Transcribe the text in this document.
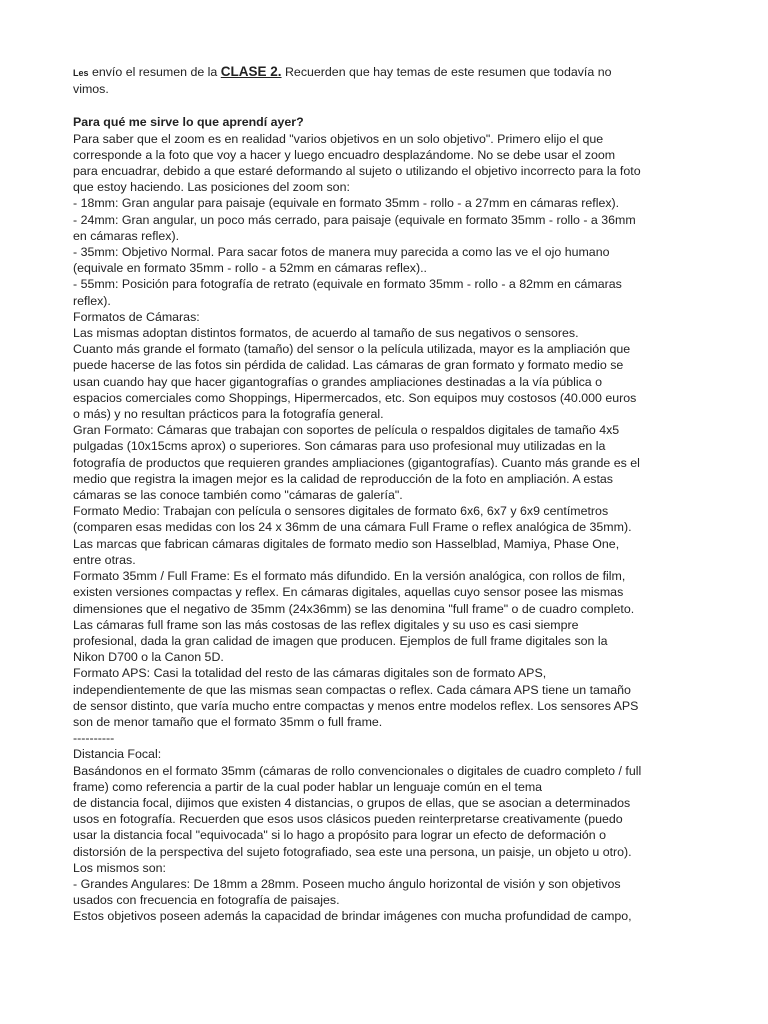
Les envío el resumen de la CLASE 2. Recuerden que hay temas de este resumen que todavía no
vimos.

Para qué me sirve lo que aprendí ayer?

Para saber que el zoom es en realidad "varios objetivos en un solo objetivo". Primero elijo el que
corresponde a la foto que voy a hacer y luego encuadro desplazándome. No se debe usar el zoom
para encuadrar, debido a que estaré deformando al sujeto o utilizando el objetivo incorrecto para la foto
que estoy haciendo. Las posiciones del zoom son:

- 18mm: Gran angular para paisaje (equivale en formato 35mm - rollo - a 27mm en cámaras reflex).

- 24mm: Gran angular, un poco más cerrado, para paisaje (equivale en formato 35mm - rollo - a 36mm
en cámaras reflex).

- 35mm: Objetivo Normal. Para sacar fotos de manera muy parecida a como las ve el ojo humano
(equivale en formato 35mm - rollo - a 52mm en cámaras reflex)..

- 55mm: Posición para fotografía de retrato (equivale en formato 35mm - rollo - a 82mm en cámaras
reflex).

Formatos de Cámaras:

Las mismas adoptan distintos formatos, de acuerdo al tamaño de sus negativos o sensores.

Cuanto más grande el formato (tamaño) del sensor o la película utilizada, mayor es la ampliación que
puede hacerse de las fotos sin pérdida de calidad. Las cámaras de gran formato y formato medio se
usan cuando hay que hacer gigantografías o grandes ampliaciones destinadas a la vía pública o
espacios comerciales como Shoppings, Hipermercados, etc. Son equipos muy costosos (40.000 euros
o más) y no resultan prácticos para la fotografía general.

Gran Formato: Cámaras que trabajan con soportes de película o respaldos digitales de tamaño 4x5
pulgadas (10x15cms aprox) o superiores. Son cámaras para uso profesional muy utilizadas en la
fotografía de productos que requieren grandes ampliaciones (gigantografías). Cuanto más grande es el
medio que registra la imagen mejor es la calidad de reproducción de la foto en ampliación. A estas
cámaras se las conoce también como "cámaras de galería".

Formato Medio: Trabajan con película o sensores digitales de formato 6x6, 6x7 y 6x9 centímetros
(comparen esas medidas con los 24 x 36mm de una cámara Full Frame o reflex analógica de 35mm).
Las marcas que fabrican cámaras digitales de formato medio son Hasselblad, Mamiya, Phase One,
entre otras.

Formato 35mm / Full Frame: Es el formato más difundido. En la versión analógica, con rollos de film,
existen versiones compactas y reflex. En cámaras digitales, aquellas cuyo sensor posee las mismas
dimensiones que el negativo de 35mm (24x36mm) se las denomina "full frame" o de cuadro completo.
Las cámaras full frame son las más costosas de las reflex digitales y su uso es casi siempre
profesional, dada la gran calidad de imagen que producen. Ejemplos de full frame digitales son la
Nikon D700 o la Canon 5D.

Formato APS: Casi la totalidad del resto de las cámaras digitales son de formato APS,
independientemente de que las mismas sean compactas o reflex. Cada cámara APS tiene un tamaño
de sensor distinto, que varía mucho entre compactas y menos entre modelos reflex. Los sensores APS
son de menor tamaño que el formato 35mm o full frame.

----------

Distancia Focal:

Basándonos en el formato 35mm (cámaras de rollo convencionales o digitales de cuadro completo / full
frame) como referencia a partir de la cual poder hablar un lenguaje común en el tema
de distancia focal, dijimos que existen 4 distancias, o grupos de ellas, que se asocian a determinados
usos en fotografía. Recuerden que esos usos clásicos pueden reinterpretarse creativamente (puedo
usar la distancia focal "equivocada" si lo hago a propósito para lograr un efecto de deformación o
distorsión de la perspectiva del sujeto fotografiado, sea este una persona, un paisje, un objeto u otro).

Los mismos son:

- Grandes Angulares: De 18mm a 28mm. Poseen mucho ángulo horizontal de visión y son objetivos
usados con frecuencia en fotografía de paisajes.

Estos objetivos poseen además la capacidad de brindar imágenes con mucha profundidad de campo,
